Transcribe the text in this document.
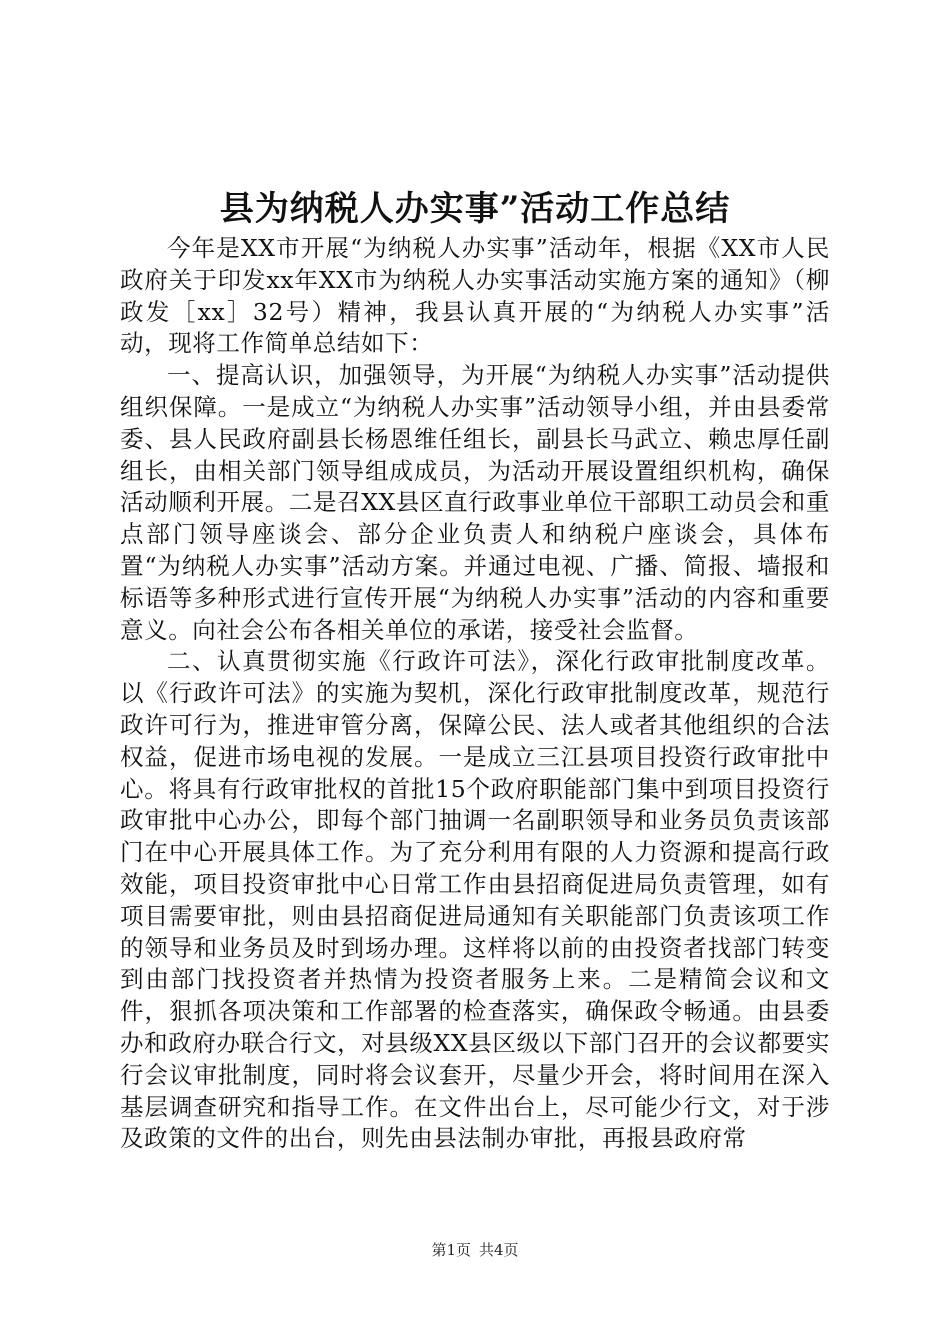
县为纳税人办实事”活动工作总结

今年是XX市开展“为纳税人办实事”活动年，根据《XX市人民政府关于印发xx年XX市为纳税人办实事活动实施方案的通知》（柳政发［xx］32号）精神，我县认真开展的“为纳税人办实事”活动，现将工作简单总结如下：

一、提高认识，加强领导，为开展“为纳税人办实事”活动提供组织保障。一是成立“为纳税人办实事”活动领导小组，并由县委常委、县人民政府副县长杨恩维任组长，副县长马武立、赖忠厚任副组长，由相关部门领导组成成员，为活动开展设置组织机构，确保活动顺利开展。二是召XX县区直行政事业单位干部职工动员会和重点部门领导座谈会、部分企业负责人和纳税户座谈会，具体布置“为纳税人办实事”活动方案。并通过电视、广播、简报、墙报和标语等多种形式进行宣传开展“为纳税人办实事”活动的内容和重要意义。向社会公布各相关单位的承诺，接受社会监督。

二、认真贯彻实施《行政许可法》，深化行政审批制度改革。以《行政许可法》的实施为契机，深化行政审批制度改革，规范行政许可行为，推进审管分离，保障公民、法人或者其他组织的合法权益，促进市场电视的发展。一是成立三江县项目投资行政审批中心。将具有行政审批权的首批15个政府职能部门集中到项目投资行政审批中心办公，即每个部门抽调一名副职领导和业务员负责该部门在中心开展具体工作。为了充分利用有限的人力资源和提高行政效能，项目投资审批中心日常工作由县招商促进局负责管理，如有项目需要审批，则由县招商促进局通知有关职能部门负责该项工作的领导和业务员及时到场办理。这样将以前的由投资者找部门转变到由部门找投资者并热情为投资者服务上来。二是精简会议和文件，狠抓各项决策和工作部署的检查落实，确保政令畅通。由县委办和政府办联合行文，对县级XX县区级以下部门召开的会议都要实行会议审批制度，同时将会议套开，尽量少开会，将时间用在深入基层调查研究和指导工作。在文件出台上，尽可能少行文，对于涉及政策的文件的出台，则先由县法制办审批，再报县政府常

第1页 共4页
